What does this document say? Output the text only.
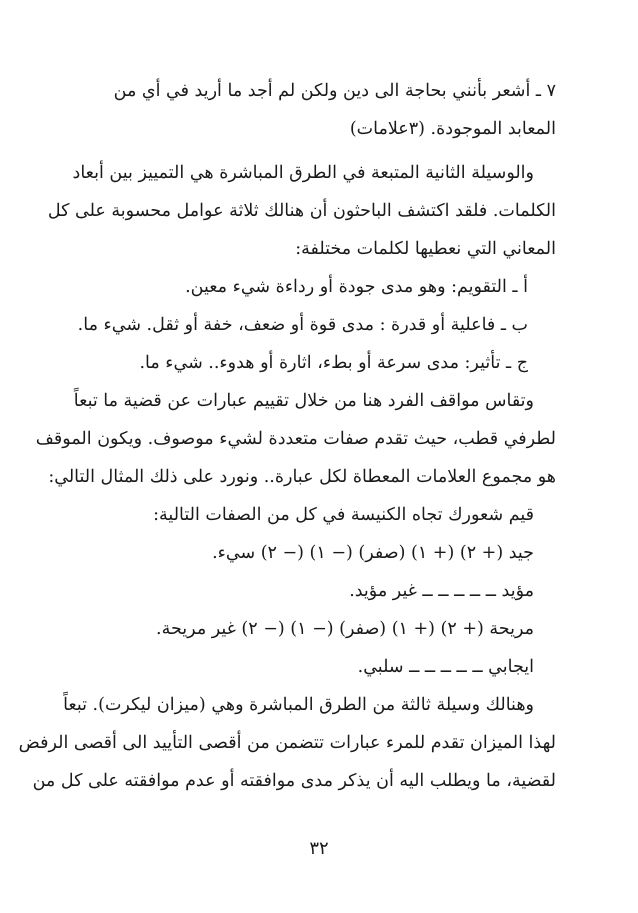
٧ ـ أشعر بأنني بحاجة الى دين ولكن لم أجد ما أريد في أي من
المعابد الموجودة. (٣علامات)
والوسيلة الثانية المتبعة في الطرق المباشرة هي التمييز بين أبعاد
الكلمات. فلقد اكتشف الباحثون أن هنالك ثلاثة عوامل محسوبة على كل
المعاني التي نعطيها لكلمات مختلفة:
أ ـ التقويم: وهو مدى جودة أو رداءة شيء معين.
ب ـ فاعلية أو قدرة : مدى قوة أو ضعف، خفة أو ثقل. شيء ما.
ج ـ تأثير: مدى سرعة أو بطء، اثارة أو هدوء.. شيء ما.
وتقاس مواقف الفرد هنا من خلال تقييم عبارات عن قضية ما تبعاً
لطرفي قطب، حيث تقدم صفات متعددة لشيء موصوف. ويكون الموقف
هو مجموع العلامات المعطاة لكل عبارة.. ونورد على ذلك المثال التالي:
قيم شعورك تجاه الكنيسة في كل من الصفات التالية:
جيد (+ ٢) (+ ١) (صفر) (− ١) (− ٢) سيء.
مؤيد ــ ــ ــ ــ ــ غير مؤيد.
مريحة (+ ٢) (+ ١) (صفر) (− ١) (− ٢) غير مريحة.
ايجابي ــ ــ ــ ــ ــ سلبي.
وهنالك وسيلة ثالثة من الطرق المباشرة وهي (ميزان ليكرت). تبعاً
لهذا الميزان تقدم للمرء عبارات تتضمن من أقصى التأييد الى أقصى الرفض
لقضية، ما ويطلب اليه أن يذكر مدى موافقته أو عدم موافقته على كل من
٣٢
